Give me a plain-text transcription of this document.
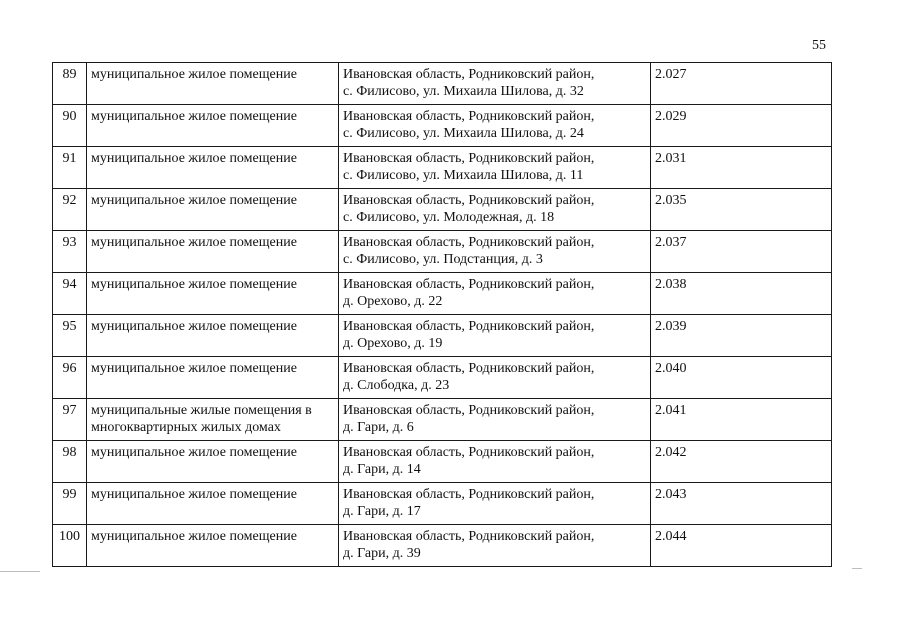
55
89	муниципальное жилое помещение	Ивановская область, Родниковский район,
с. Филисово, ул. Михаила Шилова, д. 32	2.027
90	муниципальное жилое помещение	Ивановская область, Родниковский район,
с. Филисово, ул. Михаила Шилова, д. 24	2.029
91	муниципальное жилое помещение	Ивановская область, Родниковский район,
с. Филисово, ул. Михаила Шилова, д. 11	2.031
92	муниципальное жилое помещение	Ивановская область, Родниковский район,
с. Филисово, ул. Молодежная, д. 18	2.035
93	муниципальное жилое помещение	Ивановская область, Родниковский район,
с. Филисово, ул. Подстанция, д. 3	2.037
94	муниципальное жилое помещение	Ивановская область, Родниковский район,
д. Орехово, д. 22	2.038
95	муниципальное жилое помещение	Ивановская область, Родниковский район,
д. Орехово, д. 19	2.039
96	муниципальное жилое помещение	Ивановская область, Родниковский район,
д. Слободка, д. 23	2.040
97	муниципальные жилые помещения в многоквартирных жилых домах	Ивановская область, Родниковский район,
д. Гари, д. 6	2.041
98	муниципальное жилое помещение	Ивановская область, Родниковский район,
д. Гари, д. 14	2.042
99	муниципальное жилое помещение	Ивановская область, Родниковский район,
д. Гари, д. 17	2.043
100	муниципальное жилое помещение	Ивановская область, Родниковский район,
д. Гари, д. 39	2.044
